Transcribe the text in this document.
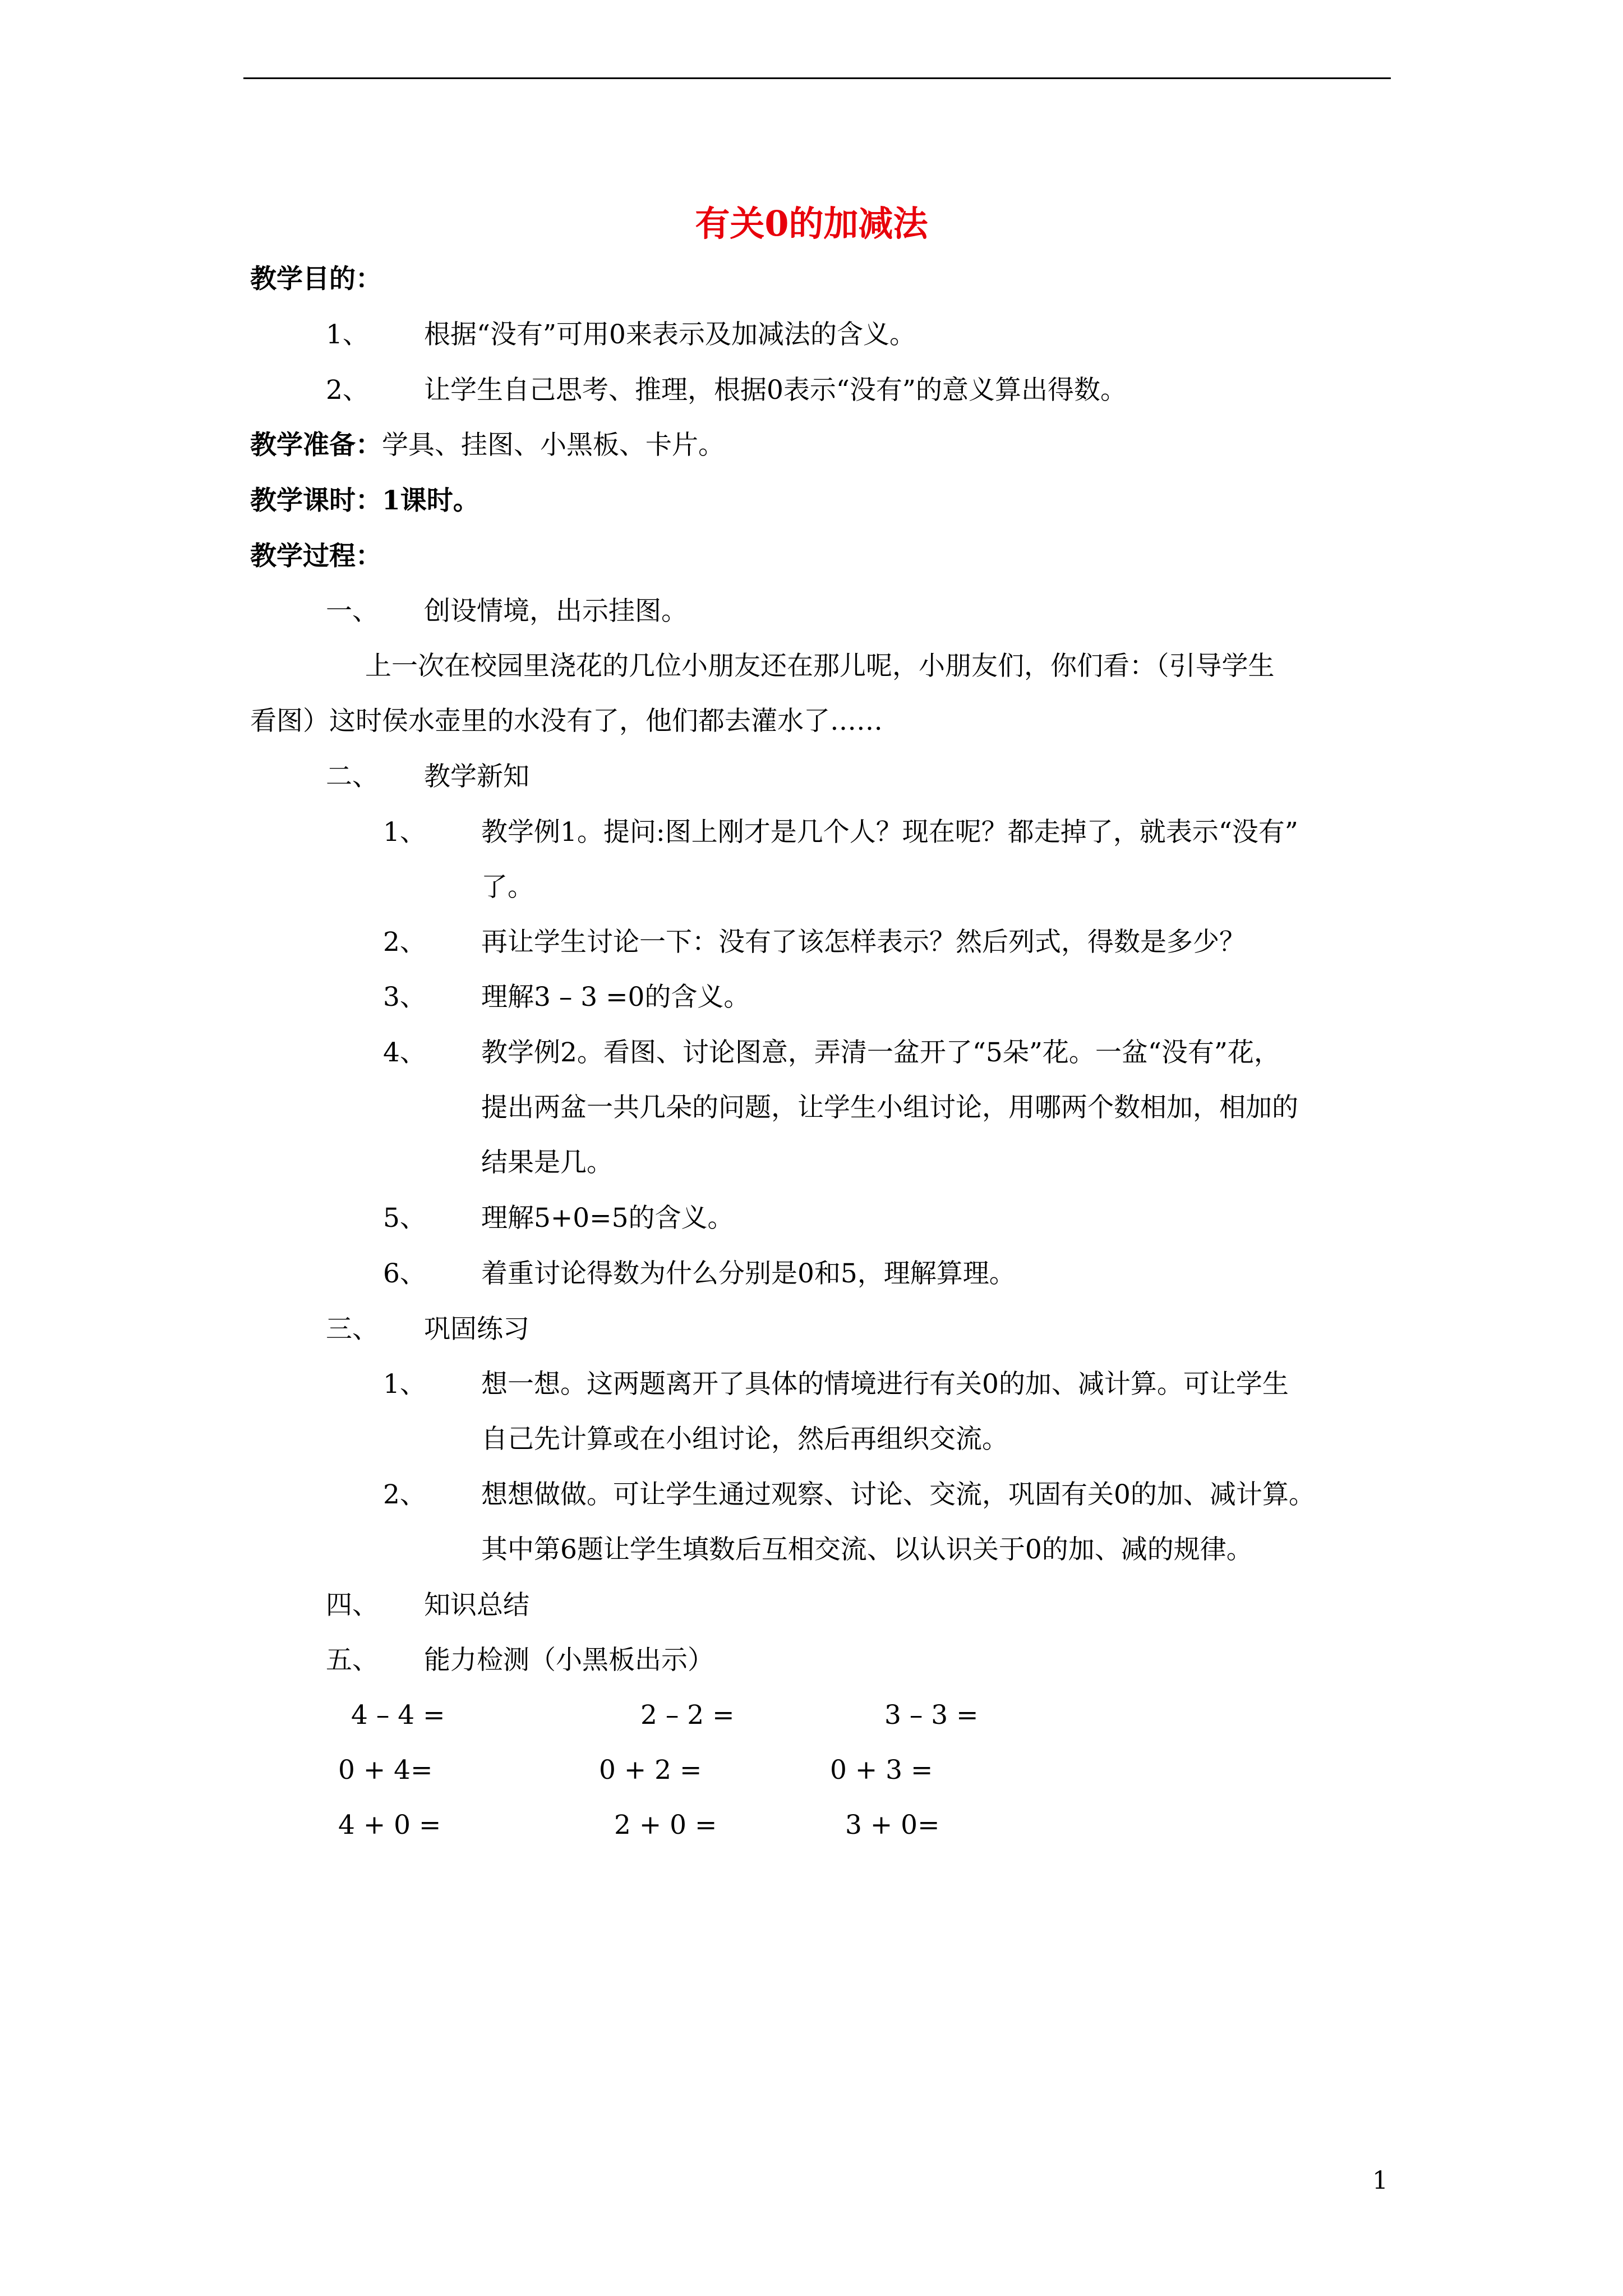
有关0的加减法
教学目的：
1、 根据“没有”可用0来表示及加减法的含义。
2、 让学生自己思考、推理，根据0表示“没有”的意义算出得数。
教学准备：学具、挂图、小黑板、卡片。
教学课时：1课时。
教学过程：
一、 创设情境，出示挂图。
上一次在校园里浇花的几位小朋友还在那儿呢，小朋友们，你们看：（引导学生
看图）这时侯水壶里的水没有了，他们都去灌水了……
二、 教学新知
1、 教学例1。提问:图上刚才是几个人？现在呢？都走掉了，就表示“没有”
了。
2、 再让学生讨论一下：没有了该怎样表示？然后列式，得数是多少？
3、 理解3 – 3 =0的含义。
4、 教学例2。看图、讨论图意，弄清一盆开了“5朵”花。一盆“没有”花，
提出两盆一共几朵的问题，让学生小组讨论，用哪两个数相加，相加的
结果是几。
5、 理解5+0=5的含义。
6、 着重讨论得数为什么分别是0和5，理解算理。
三、 巩固练习
1、 想一想。这两题离开了具体的情境进行有关0的加、减计算。可让学生
自己先计算或在小组讨论，然后再组织交流。
2、 想想做做。可让学生通过观察、讨论、交流，巩固有关0的加、减计算。
其中第6题让学生填数后互相交流、以认识关于0的加、减的规律。
四、 知识总结
五、 能力检测（小黑板出示）
4 – 4 =	2 – 2 =	3 – 3 =
0 + 4=	0 + 2 =	0 + 3 =
4 + 0 =	2 + 0 =	3 + 0=
1
